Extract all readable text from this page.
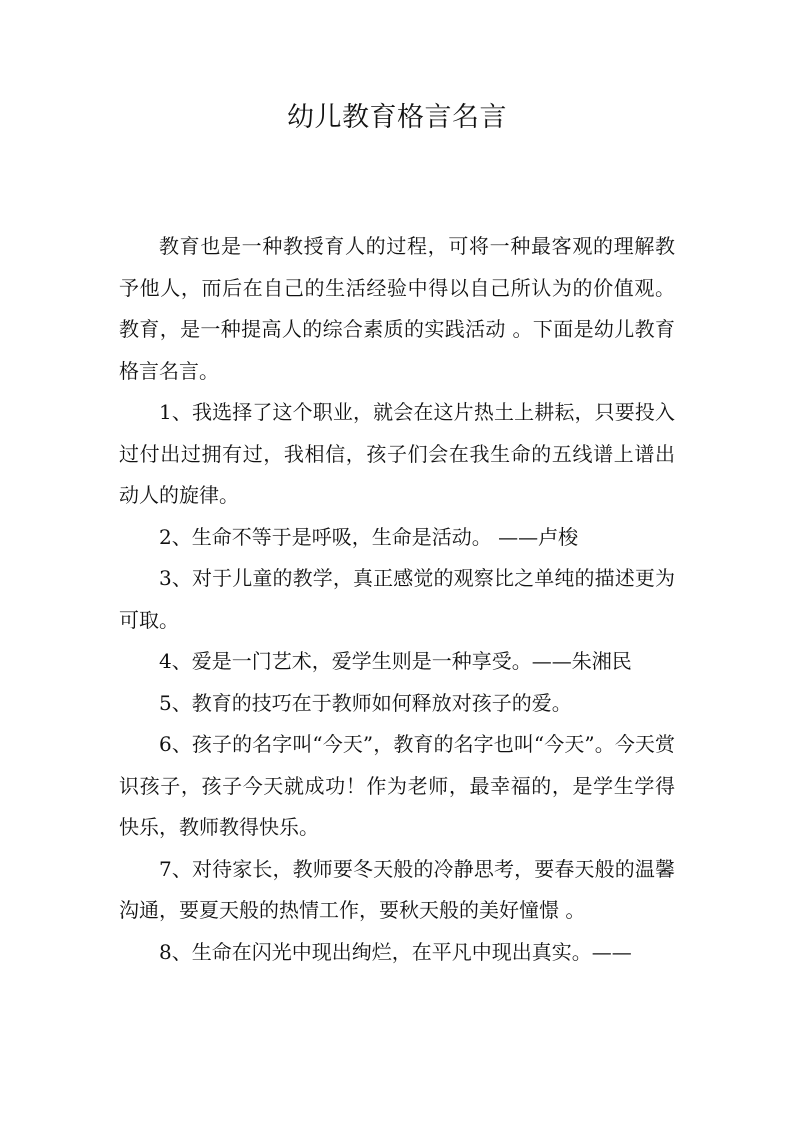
幼儿教育格言名言

教育也是一种教授育人的过程，可将一种最客观的理解教予他人，而后在自己的生活经验中得以自己所认为的价值观。教育，是一种提高人的综合素质的实践活动 。下面是幼儿教育格言名言。

1、我选择了这个职业，就会在这片热土上耕耘，只要投入过付出过拥有过，我相信，孩子们会在我生命的五线谱上谱出动人的旋律。

2、生命不等于是呼吸，生命是活动。 ——卢梭

3、对于儿童的教学，真正感觉的观察比之单纯的描述更为可取。

4、爱是一门艺术，爱学生则是一种享受。——朱湘民

5、教育的技巧在于教师如何释放对孩子的爱。

6、孩子的名字叫“今天”，教育的名字也叫“今天”。今天赏识孩子，孩子今天就成功！作为老师，最幸福的，是学生学得快乐，教师教得快乐。

7、对待家长，教师要冬天般的冷静思考，要春天般的温馨沟通，要夏天般的热情工作，要秋天般的美好憧憬 。

8、生命在闪光中现出绚烂，在平凡中现出真实。——
